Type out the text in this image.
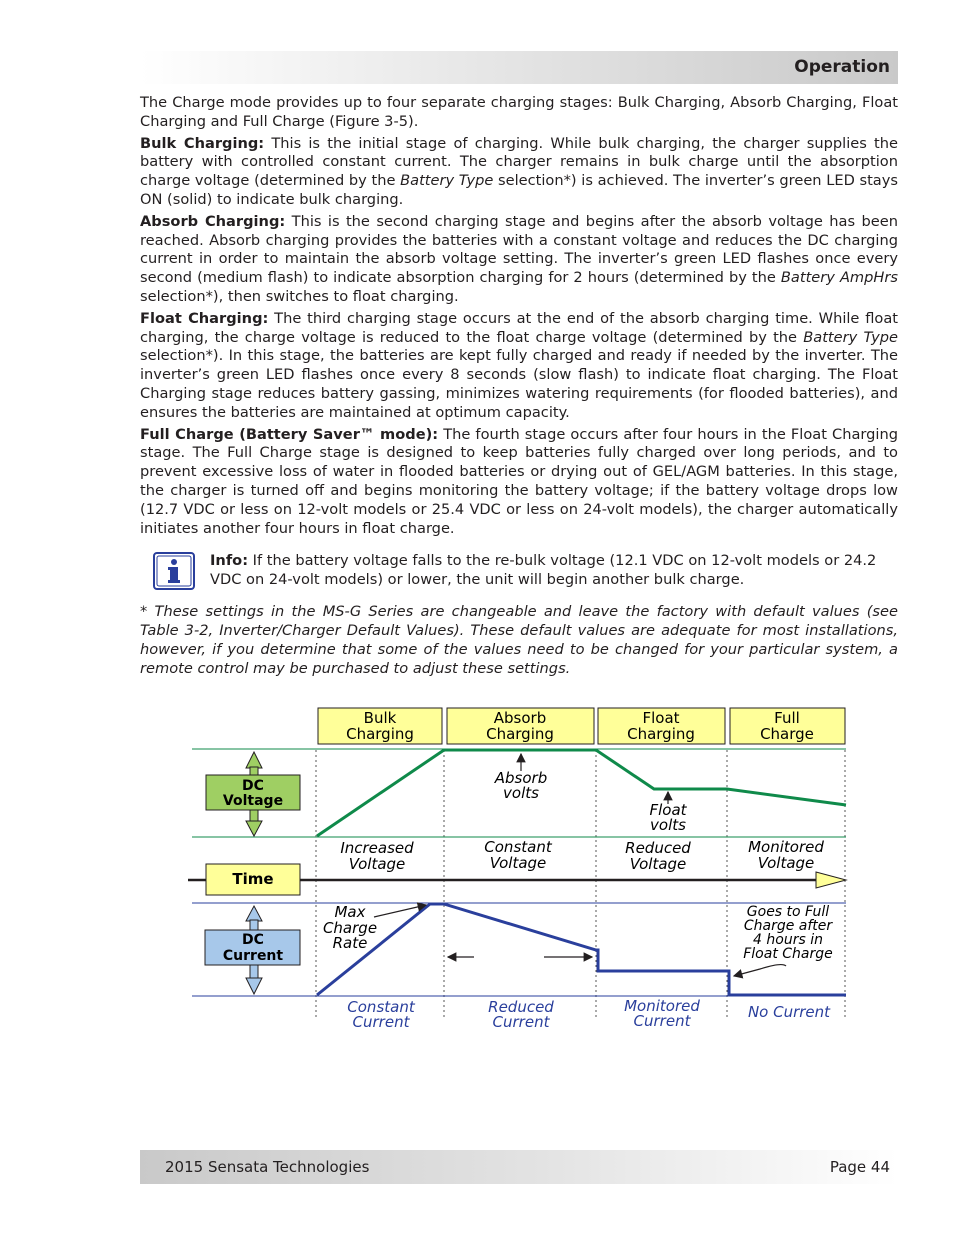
Operation

The Charge mode provides up to four separate charging stages: Bulk Charging, Absorb Charging, Float Charging and Full Charge (Figure 3-5).

Bulk Charging: This is the initial stage of charging. While bulk charging, the charger supplies the battery with controlled constant current. The charger remains in bulk charge until the absorption charge voltage (determined by the Battery Type selection*) is achieved. The inverter’s green LED stays ON (solid) to indicate bulk charging.

Absorb Charging: This is the second charging stage and begins after the absorb voltage has been reached. Absorb charging provides the batteries with a constant voltage and reduces the DC charging current in order to maintain the absorb voltage setting. The inverter’s green LED flashes once every second (medium flash) to indicate absorption charging for 2 hours (determined by the Battery AmpHrs selection*), then switches to float charging.

Float Charging: The third charging stage occurs at the end of the absorb charging time. While float charging, the charge voltage is reduced to the float charge voltage (determined by the Battery Type selection*). In this stage, the batteries are kept fully charged and ready if needed by the inverter. The inverter’s green LED flashes once every 8 seconds (slow flash) to indicate float charging. The Float Charging stage reduces battery gassing, minimizes watering requirements (for flooded batteries), and ensures the batteries are maintained at optimum capacity.

Full Charge (Battery Saver™ mode): The fourth stage occurs after four hours in the Float Charging stage. The Full Charge stage is designed to keep batteries fully charged over long periods, and to prevent excessive loss of water in flooded batteries or drying out of GEL/AGM batteries. In this stage, the charger is turned off and begins monitoring the battery voltage; if the battery voltage drops low (12.7 VDC or less on 12-volt models or 25.4 VDC or less on 24-volt models), the charger automatically initiates another four hours in float charge.

Info: If the battery voltage falls to the re-bulk voltage (12.1 VDC on 12-volt models or 24.2 VDC on 24-volt models) or lower, the unit will begin another bulk charge.
* These settings in the MS-G Series are changeable and leave the factory with default values (see Table 3-2, Inverter/Charger Default Values). These default values are adequate for most installations, however, if you determine that some of the values need to be changed for your particular system, a remote control may be purchased to adjust these settings.
Bulk
Charging
Absorb
Charging
Float
Charging
Full
Charge
DC
Voltage
Absorb
volts
Float
volts
Increased
Voltage
Constant
Voltage
Reduced
Voltage
Monitored
Voltage
Time
DC
Current
Max
Charge
Rate
Goes to Full
Charge after
4 hours in
Float Charge
Constant
Current
Reduced
Current
Monitored
Current	No Current
2015 Sensata Technologies	Page 44
